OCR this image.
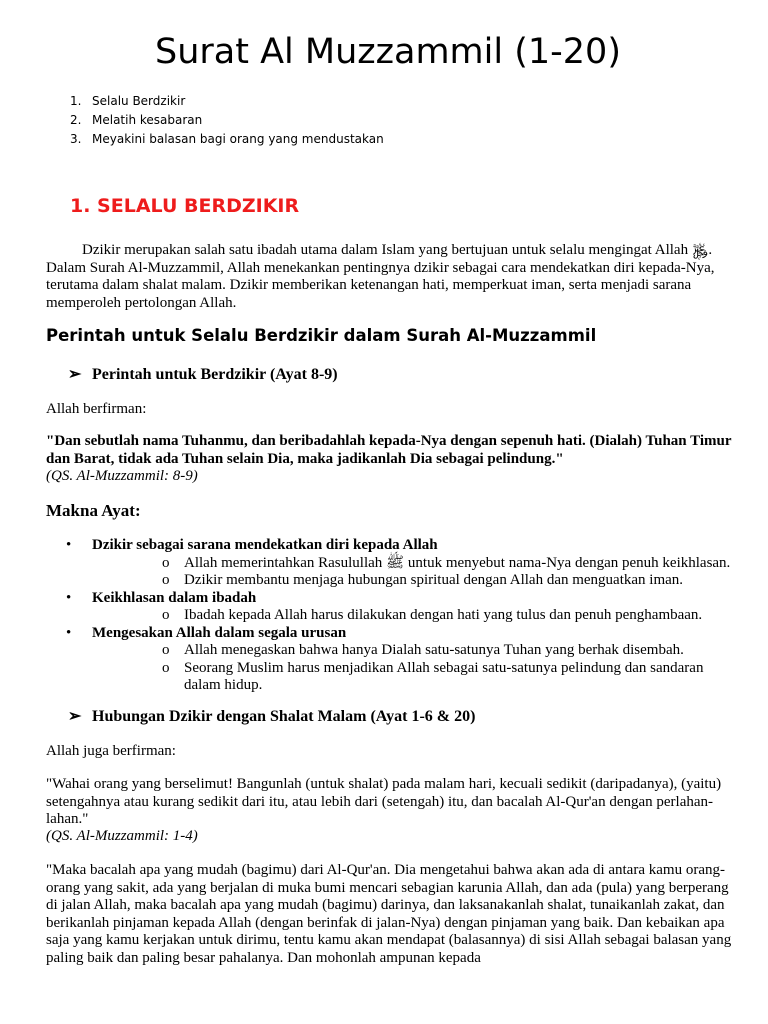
Surat Al Muzzammil (1-20)
1. Selalu Berdzikir
2. Melatih kesabaran
3. Meyakini balasan bagi orang yang mendustakan
1. SELALU BERDZIKIR

Dzikir merupakan salah satu ibadah utama dalam Islam yang bertujuan untuk selalu mengingat Allah ﷿. Dalam Surah Al-Muzzammil, Allah menekankan pentingnya dzikir sebagai cara mendekatkan diri kepada-Nya, terutama dalam shalat malam. Dzikir memberikan ketenangan hati, memperkuat iman, serta menjadi sarana memperoleh pertolongan Allah.

Perintah untuk Selalu Berdzikir dalam Surah Al-Muzzammil

➢ Perintah untuk Berdzikir (Ayat 8-9)

Allah berfirman:

"Dan sebutlah nama Tuhanmu, dan beribadahlah kepada-Nya dengan sepenuh hati. (Dialah) Tuhan Timur dan Barat, tidak ada Tuhan selain Dia, maka jadikanlah Dia sebagai pelindung."

(QS. Al-Muzzammil: 8-9)

Makna Ayat:

• Dzikir sebagai sarana mendekatkan diri kepada Allah
o Allah memerintahkan Rasulullah ﷺ untuk menyebut nama-Nya dengan penuh keikhlasan.
o Dzikir membantu menjaga hubungan spiritual dengan Allah dan menguatkan iman.
• Keikhlasan dalam ibadah
o Ibadah kepada Allah harus dilakukan dengan hati yang tulus dan penuh penghambaan.
• Mengesakan Allah dalam segala urusan
o Allah menegaskan bahwa hanya Dialah satu-satunya Tuhan yang berhak disembah.
o Seorang Muslim harus menjadikan Allah sebagai satu-satunya pelindung dan sandaran dalam hidup.

➢ Hubungan Dzikir dengan Shalat Malam (Ayat 1-6 & 20)

Allah juga berfirman:

"Wahai orang yang berselimut! Bangunlah (untuk shalat) pada malam hari, kecuali sedikit (daripadanya), (yaitu) setengahnya atau kurang sedikit dari itu, atau lebih dari (setengah) itu, dan bacalah Al-Qur'an dengan perlahan-lahan."

(QS. Al-Muzzammil: 1-4)

"Maka bacalah apa yang mudah (bagimu) dari Al-Qur'an. Dia mengetahui bahwa akan ada di antara kamu orang-orang yang sakit, ada yang berjalan di muka bumi mencari sebagian karunia Allah, dan ada (pula) yang berperang di jalan Allah, maka bacalah apa yang mudah (bagimu) darinya, dan laksanakanlah shalat, tunaikanlah zakat, dan berikanlah pinjaman kepada Allah (dengan berinfak di jalan-Nya) dengan pinjaman yang baik. Dan kebaikan apa saja yang kamu kerjakan untuk dirimu, tentu kamu akan mendapat (balasannya) di sisi Allah sebagai balasan yang paling baik dan paling besar pahalanya. Dan mohonlah ampunan kepada
